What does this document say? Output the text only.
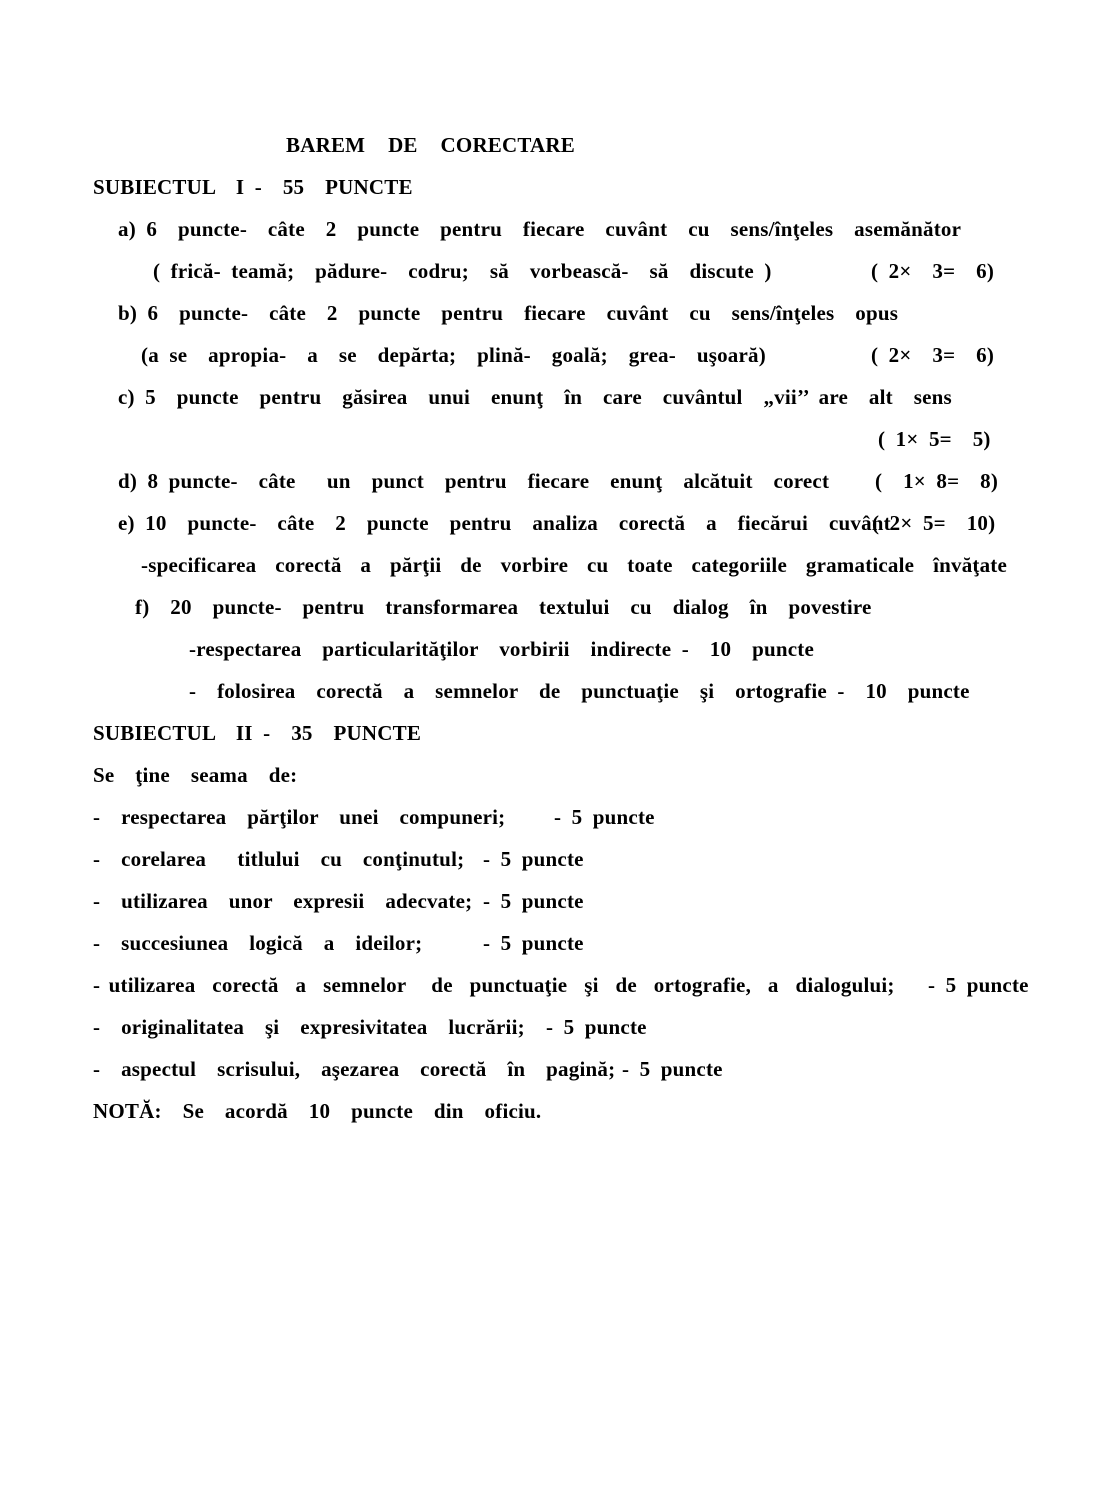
BAREM  DE  CORECTARE
SUBIECTUL  I -  55  PUNCTE
a) 6  puncte-  câte  2  puncte  pentru  fiecare  cuvânt  cu  sens/înţeles  asemănător
( frică- teamă;  pădure-  codru;  să  vorbească-  să  discute )	( 2×  3=  6)
b) 6  puncte-  câte  2  puncte  pentru  fiecare  cuvânt  cu  sens/înţeles  opus
(a se  apropia-  a  se  depărta;  plină-  goală;  grea-  uşoară)	( 2×  3=  6)
c) 5  puncte  pentru  găsirea  unui  enunţ  în  care  cuvântul  „vii’’ are  alt  sens
( 1× 5=  5)
d) 8 puncte-  câte   un  punct  pentru  fiecare  enunţ  alcătuit  corect (  1× 8=  8)
e) 10  puncte-  câte  2  puncte  pentru  analiza  corectă  a  fiecărui  cuvânt
( 2× 5=  10)
-specificarea  corectă  a  părţii  de  vorbire  cu  toate  categoriile  gramaticale  învăţate
f)  20  puncte-  pentru  transformarea  textului  cu  dialog  în  povestire
-respectarea  particularităţilor  vorbirii  indirecte -  10  puncte
-  folosirea  corectă  a  semnelor  de  punctuaţie  şi  ortografie -  10  puncte
SUBIECTUL  II -  35  PUNCTE
Se  ţine  seama  de:
-  respectarea  părţilor  unei  compuneri; - 5 puncte
-  corelarea   titlului  cu  conţinutul; - 5 puncte
-  utilizarea  unor  expresii  adecvate; - 5 puncte
-  succesiunea  logică  a  ideilor;	- 5 puncte
- utilizarea  corectă  a  semnelor   de  punctuaţie  şi  de  ortografie,  a  dialogului; - 5 puncte
-  originalitatea  şi  expresivitatea  lucrării; - 5 puncte
-  aspectul  scrisului,  aşezarea  corectă  în  pagină; - 5 puncte
NOTĂ:  Se  acordă  10  puncte  din  oficiu.
